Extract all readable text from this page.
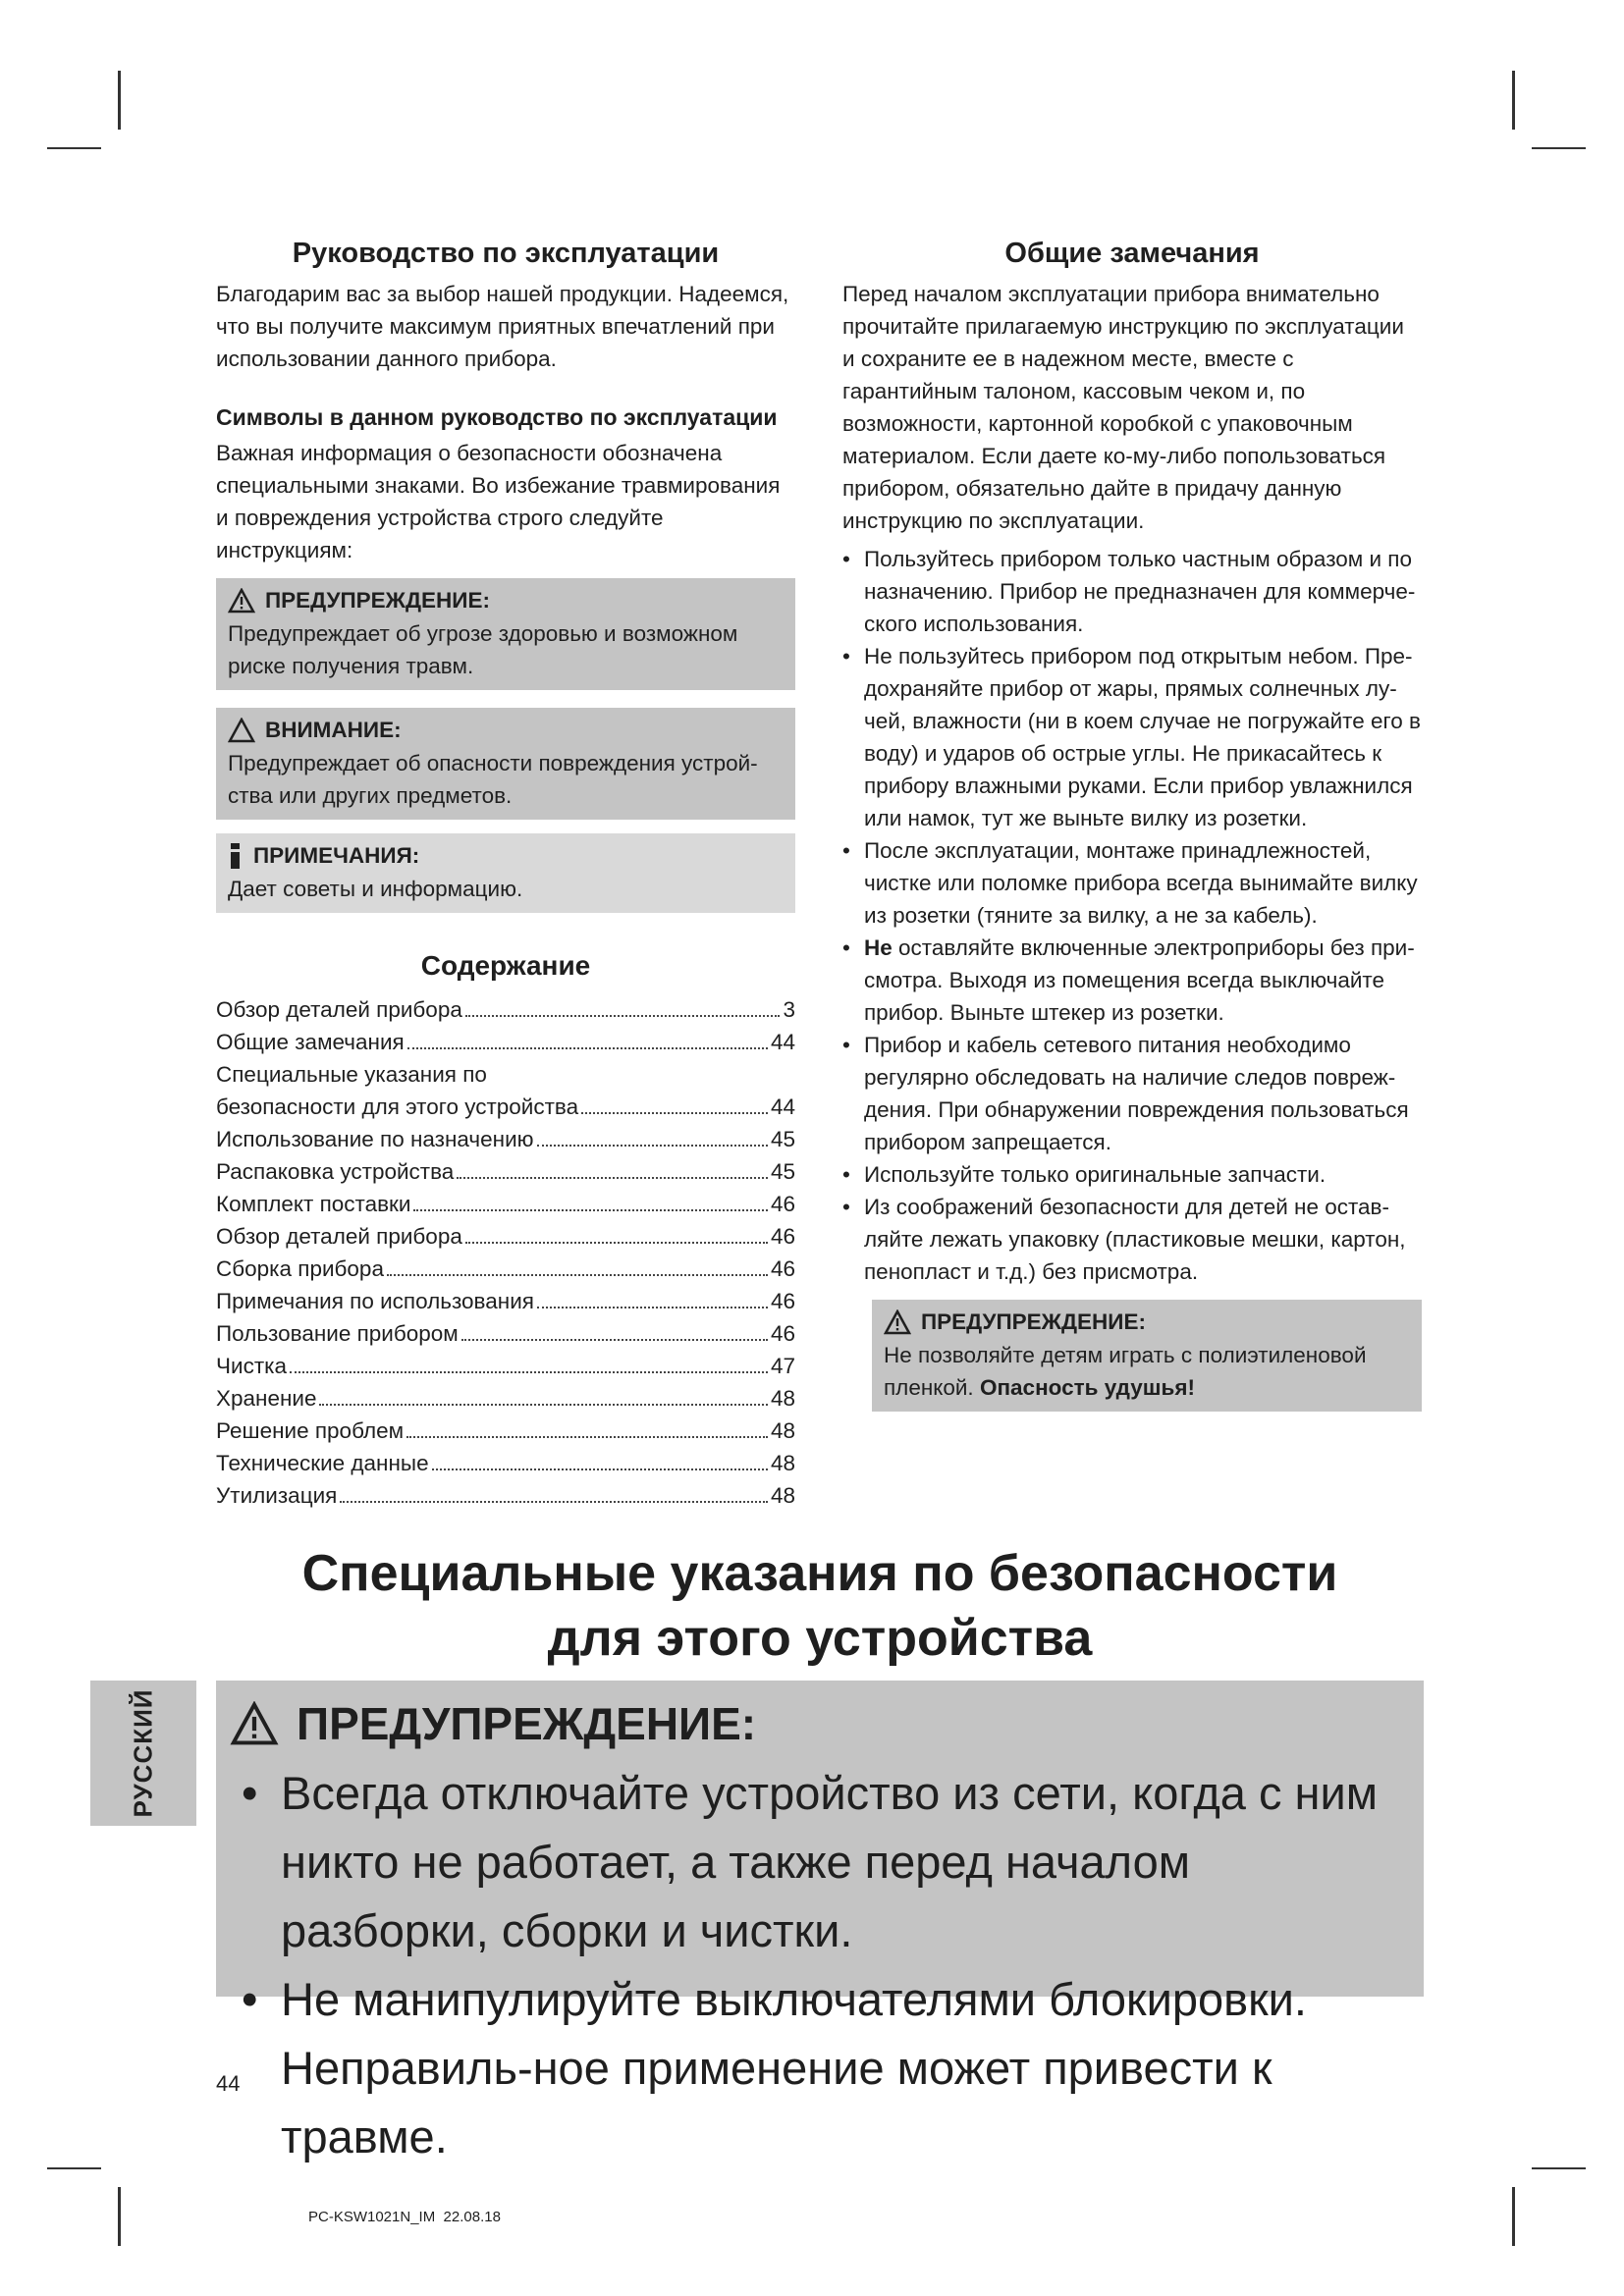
Руководство по эксплуатации

Благодарим вас за выбор нашей продукции. Надеемся, что вы получите максимум приятных впечатлений при использовании данного прибора.

Символы в данном руководство по эксплуатации

Важная информация о безопасности обозначена специальными знаками. Во избежание травмирования и повреждения устройства строго следуйте инструкциям:

ПРЕДУПРЕЖДЕНИЕ:
Предупреждает об угрозе здоровью и возможном риске получения травм.
ВНИМАНИЕ:
Предупреждает об опасности повреждения устрой-ства или других предметов.
ПРИМЕЧАНИЯ:
Дает советы и информацию.
Содержание
Обзор деталей прибора	3
Общие замечания	44
Специальные указания по
безопасности для этого устройства	44
Использование по назначению	45
Распаковка устройства	45
Комплект поставки	46
Обзор деталей прибора	46
Сборка прибора	46
Примечания по использования	46
Пользование прибором	46
Чистка	47
Хранение	48
Решение проблем	48
Технические данные	48
Утилизация	48
Общие замечания

Перед началом эксплуатации прибора внимательно прочитайте прилагаемую инструкцию по эксплуатации и сохраните ее в надежном месте, вместе с гарантийным талоном, кассовым чеком и, по возможности, картонной коробкой с упаковочным материалом. Если даете ко-му-либо попользоваться прибором, обязательно дайте в придачу данную инструкцию по эксплуатации.

• Пользуйтесь прибором только частным образом и по назначению. Прибор не предназначен для коммерче-ского использования.
• Не пользуйтесь прибором под открытым небом. Пре-дохраняйте прибор от жары, прямых солнечных лу-чей, влажности (ни в коем случае не погружайте его в воду) и ударов об острые углы. Не прикасайтесь к прибору влажными руками. Если прибор увлажнился или намок, тут же выньте вилку из розетки.
• После эксплуатации, монтаже принадлежностей, чистке или поломке прибора всегда вынимайте вилку из розетки (тяните за вилку, а не за кабель).
• Не оставляйте включенные электроприборы без при-смотра. Выходя из помещения всегда выключайте прибор. Выньте штекер из розетки.
• Прибор и кабель сетевого питания необходимо регулярно обследовать на наличие следов повреж-дения. При обнаружении повреждения пользоваться прибором запрещается.
• Используйте только оригинальные запчасти.
• Из соображений безопасности для детей не остав-ляйте лежать упаковку (пластиковые мешки, картон, пенопласт и т.д.) без присмотра.
ПРЕДУПРЕЖДЕНИЕ:
Не позволяйте детям играть с полиэтиленовой пленкой. Опасность удушья!
Специальные указания по безопасности
для этого устройства
ПРЕДУПРЕЖДЕНИЕ:
• Всегда отключайте устройство из сети, когда с ним никто не работает, а также перед началом разборки, сборки и чистки.
• Не манипулируйте выключателями блокировки. Неправиль-ное применение может привести к травме.
РУССКИЙ
44
PC-KSW1021N_IM  22.08.18
